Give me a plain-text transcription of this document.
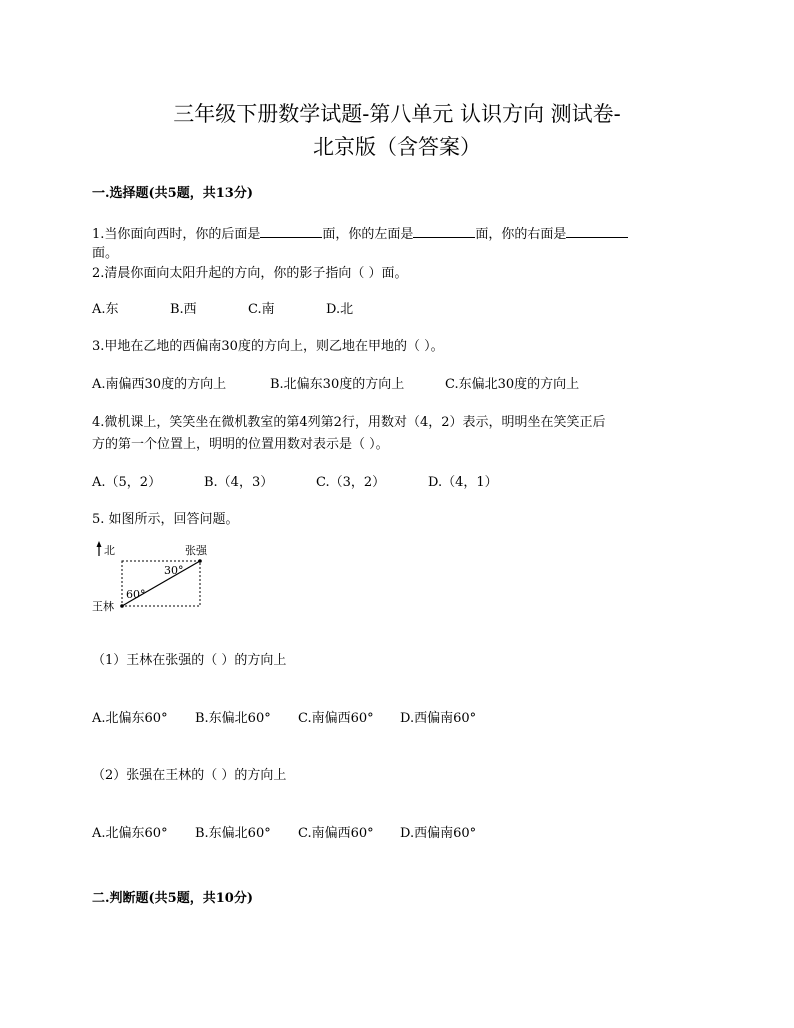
三年级下册数学试题-第八单元 认识方向 测试卷-
北京版（含答案）
一.选择题(共5题，共13分)
1.当你面向西时，你的后面是	面，你的左面是	面，你的右面是
面。
2.清晨你面向太阳升起的方向，你的影子指向（ ）面。
A.东	B.西	C.南	D.北
3.甲地在乙地的西偏南30度的方向上，则乙地在甲地的（ ）。
A.南偏西30度的方向上	B.北偏东30度的方向上	C.东偏北30度的方向上
4.微机课上，笑笑坐在微机教室的第4列第2行，用数对（4，2）表示，明明坐在笑笑正后
方的第一个位置上，明明的位置用数对表示是（ ）。
A.（5，2）	B.（4，3）	C.（3，2）	D.（4，1）
5. 如图所示，回答问题。
北	张强
30°
60°
王林
（1）王林在张强的（ ）的方向上
A.北偏东60° B.东偏北60° C.南偏西60° D.西偏南60°
（2）张强在王林的（ ）的方向上
A.北偏东60° B.东偏北60° C.南偏西60° D.西偏南60°
二.判断题(共5题，共10分)
